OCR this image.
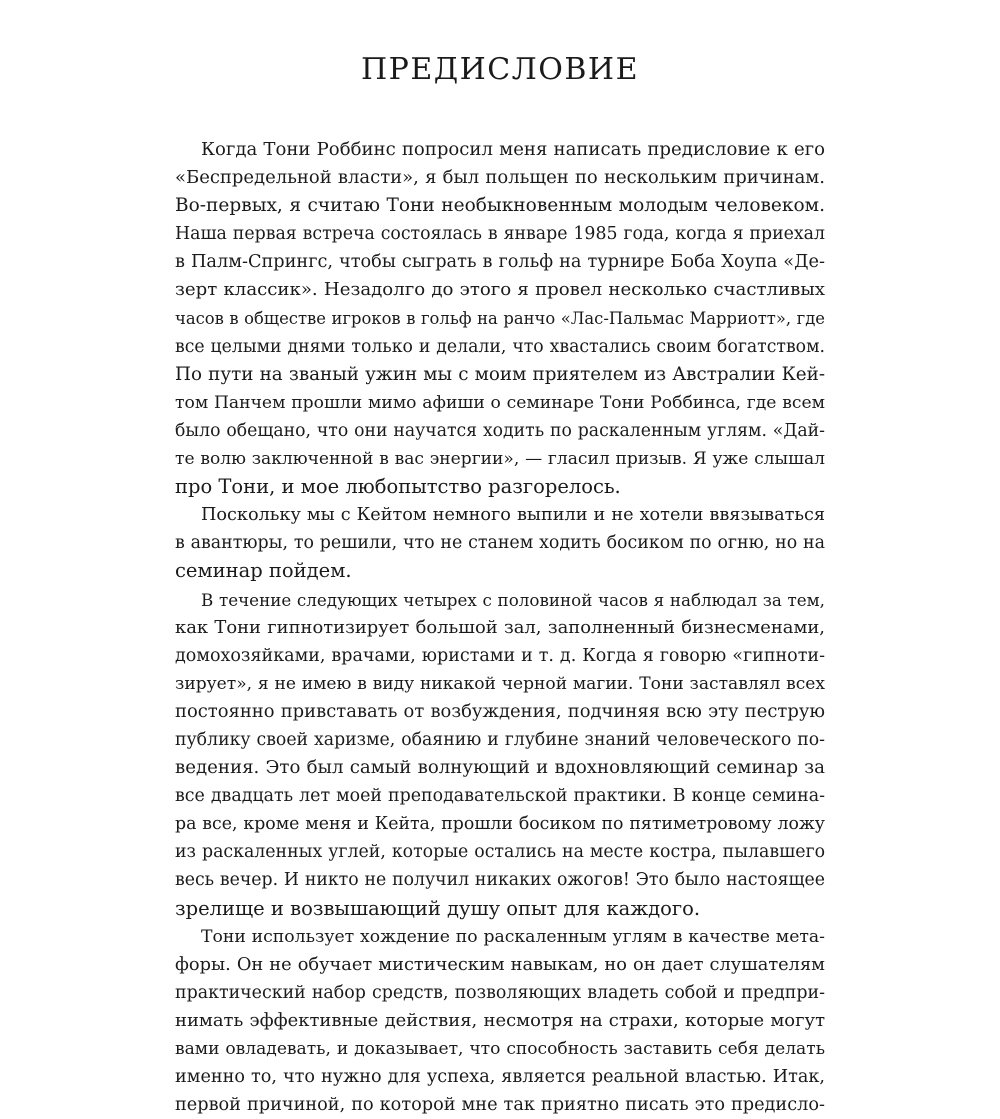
ПРЕДИСЛОВИЕ
Когда Тони Роббинс попросил меня написать предисловие к его
«Беспредельной власти», я был польщен по нескольким причинам.
Во-первых, я считаю Тони необыкновенным молодым человеком.
Наша первая встреча состоялась в январе 1985 года, когда я приехал
в Палм-Спрингс, чтобы сыграть в гольф на турнире Боба Хоупа «Де-
зерт классик». Незадолго до этого я провел несколько счастливых
часов в обществе игроков в гольф на ранчо «Лас-Пальмас Марриотт», где
все целыми днями только и делали, что хвастались своим богатством.
По пути на званый ужин мы с моим приятелем из Австралии Кей-
том Панчем прошли мимо афиши о семинаре Тони Роббинса, где всем
было обещано, что они научатся ходить по раскаленным углям. «Дай-
те волю заключенной в вас энергии», — гласил призыв. Я уже слышал
про Тони, и мое любопытство разгорелось.
Поскольку мы с Кейтом немного выпили и не хотели ввязываться
в авантюры, то решили, что не станем ходить босиком по огню, но на
семинар пойдем.
В течение следующих четырех с половиной часов я наблюдал за тем,
как Тони гипнотизирует большой зал, заполненный бизнесменами,
домохозяйками, врачами, юристами и т. д. Когда я говорю «гипноти-
зирует», я не имею в виду никакой черной магии. Тони заставлял всех
постоянно привставать от возбуждения, подчиняя всю эту пеструю
публику своей харизме, обаянию и глубине знаний человеческого по-
ведения. Это был самый волнующий и вдохновляющий семинар за
все двадцать лет моей преподавательской практики. В конце семина-
ра все, кроме меня и Кейта, прошли босиком по пятиметровому ложу
из раскаленных углей, которые остались на месте костра, пылавшего
весь вечер. И никто не получил никаких ожогов! Это было настоящее
зрелище и возвышающий душу опыт для каждого.
Тони использует хождение по раскаленным углям в качестве мета-
форы. Он не обучает мистическим навыкам, но он дает слушателям
практический набор средств, позволяющих владеть собой и предпри-
нимать эффективные действия, несмотря на страхи, которые могут
вами овладевать, и доказывает, что способность заставить себя делать
именно то, что нужно для успеха, является реальной властью. Итак,
первой причиной, по которой мне так приятно писать это предисло-
